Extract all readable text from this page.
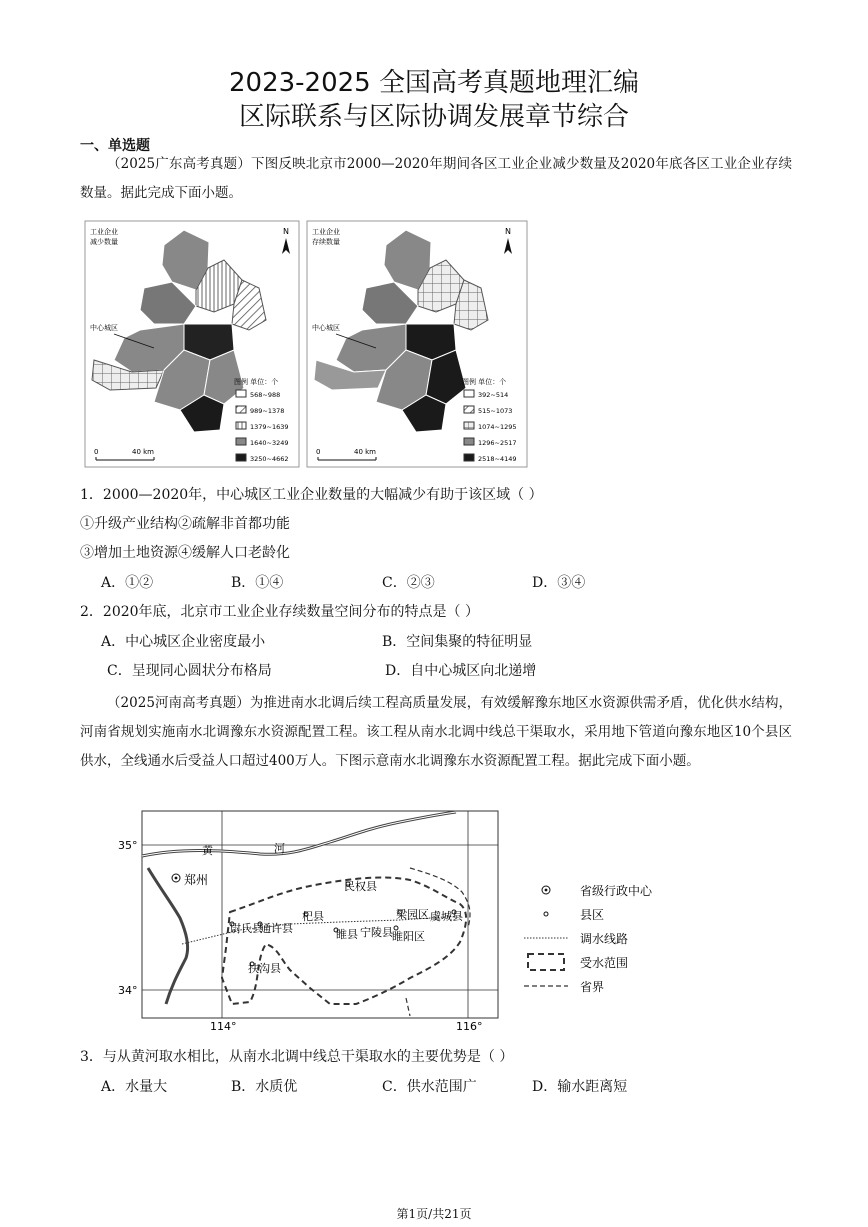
2023-2025 全国高考真题地理汇编
区际联系与区际协调发展章节综合
一、单选题
（2025广东高考真题）下图反映北京市2000—2020年期间各区工业企业减少数量及2020年底各区工业企业存续数量。据此完成下面小题。
工业企业
减少数量
N
中心城区
图例 单位：个
568~988
989~1378
1379~1639
1640~3249
3250~4662
0	40 km
工业企业
存续数量
N
中心城区
图例 单位：个
392~514
515~1073
1074~1295
1296~2517
2518~4149
0	40 km
1．2000—2020年，中心城区工业企业数量的大幅减少有助于该区域（ ）
①升级产业结构②疏解非首都功能
③增加土地资源④缓解人口老龄化
A．①②	B．①④	C．②③	D．③④
2．2020年底，北京市工业企业存续数量空间分布的特点是（ ）
A．中心城区企业密度最小	B．空间集聚的特征明显
C．呈现同心圆状分布格局	D．自中心城区向北递增
（2025河南高考真题）为推进南水北调后续工程高质量发展，有效缓解豫东地区水资源供需矛盾，优化供水结构，河南省规划实施南水北调豫东水资源配置工程。该工程从南水北调中线总干渠取水，采用地下管道向豫东地区10个县区供水，全线通水后受益人口超过400万人。下图示意南水北调豫东水资源配置工程。据此完成下面小题。
35°
34°
114°	116°
黄	河
郑州	民权县
杞县
通许县	宁陵县
睢县	睢阳区
梁园区 虞城县
尉氏县
扶沟县
省级行政中心
县区
调水线路
受水范围
省界
3．与从黄河取水相比，从南水北调中线总干渠取水的主要优势是（ ）
A．水量大	B．水质优	C．供水范围广	D．输水距离短
第1页/共21页
